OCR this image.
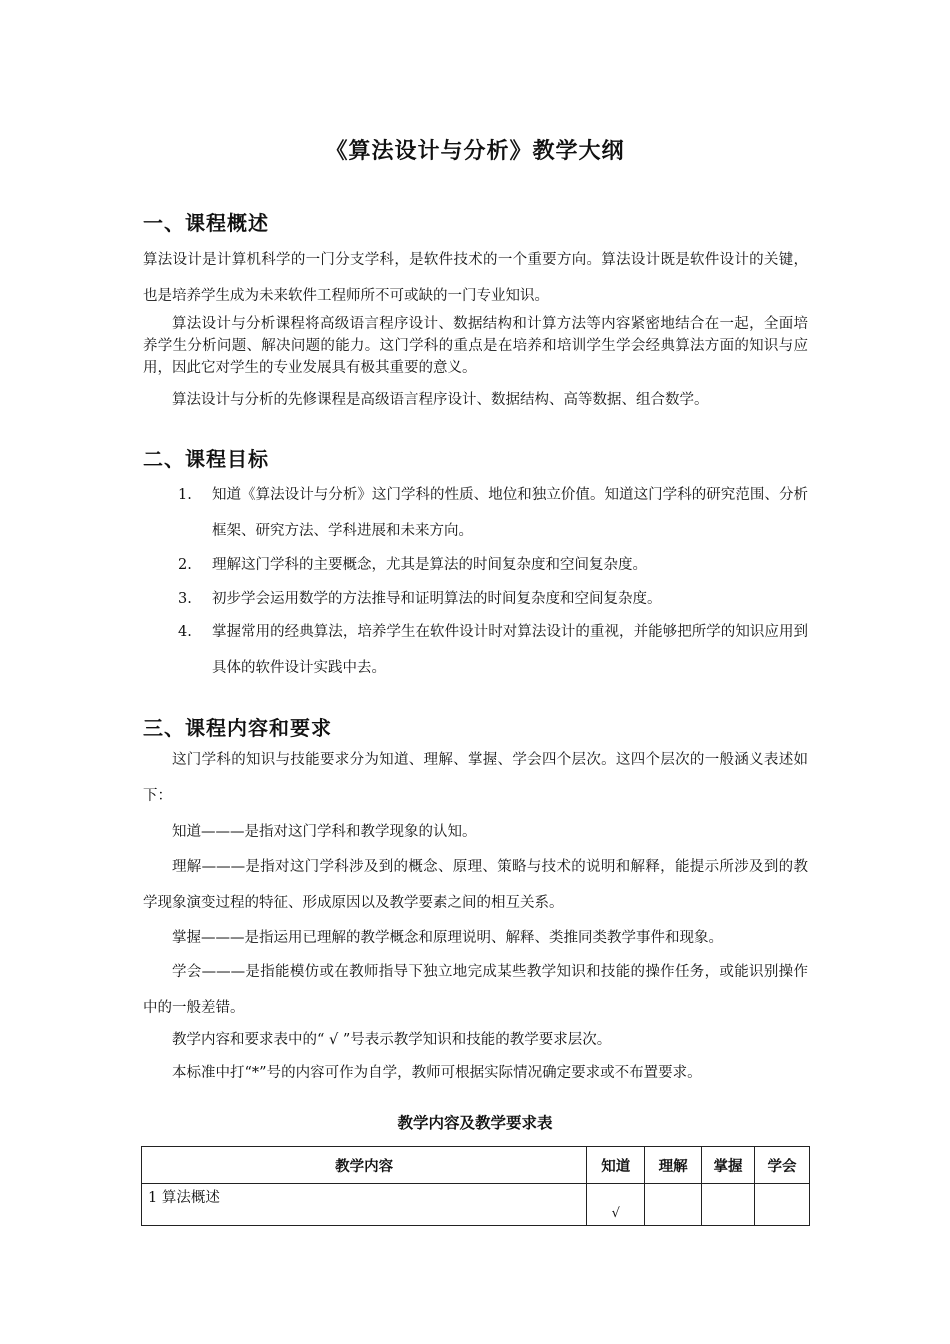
《算法设计与分析》教学大纲
一、课程概述
算法设计是计算机科学的一门分支学科，是软件技术的一个重要方向。算法设计既是软件设计的关键，也是培养学生成为未来软件工程师所不可或缺的一门专业知识。
算法设计与分析课程将高级语言程序设计、数据结构和计算方法等内容紧密地结合在一起，全面培养学生分析问题、解决问题的能力。这门学科的重点是在培养和培训学生学会经典算法方面的知识与应用，因此它对学生的专业发展具有极其重要的意义。
算法设计与分析的先修课程是高级语言程序设计、数据结构、高等数据、组合数学。
二、课程目标
1.	知道《算法设计与分析》这门学科的性质、地位和独立价值。知道这门学科的研究范围、分析框架、研究方法、学科进展和未来方向。
2.	理解这门学科的主要概念，尤其是算法的时间复杂度和空间复杂度。
3.	初步学会运用数学的方法推导和证明算法的时间复杂度和空间复杂度。
4.	掌握常用的经典算法，培养学生在软件设计时对算法设计的重视，并能够把所学的知识应用到具体的软件设计实践中去。
三、课程内容和要求
这门学科的知识与技能要求分为知道、理解、掌握、学会四个层次。这四个层次的一般涵义表述如下：
知道———是指对这门学科和教学现象的认知。
理解———是指对这门学科涉及到的概念、原理、策略与技术的说明和解释，能提示所涉及到的教学现象演变过程的特征、形成原因以及教学要素之间的相互关系。
掌握———是指运用已理解的教学概念和原理说明、解释、类推同类教学事件和现象。
学会———是指能模仿或在教师指导下独立地完成某些教学知识和技能的操作任务，或能识别操作中的一般差错。
教学内容和要求表中的“ √ ”号表示教学知识和技能的教学要求层次。
本标准中打“*”号的内容可作为自学，教师可根据实际情况确定要求或不布置要求。
教学内容及教学要求表
教学内容	知道	理解	掌握	学会
1 算法概述	√			
